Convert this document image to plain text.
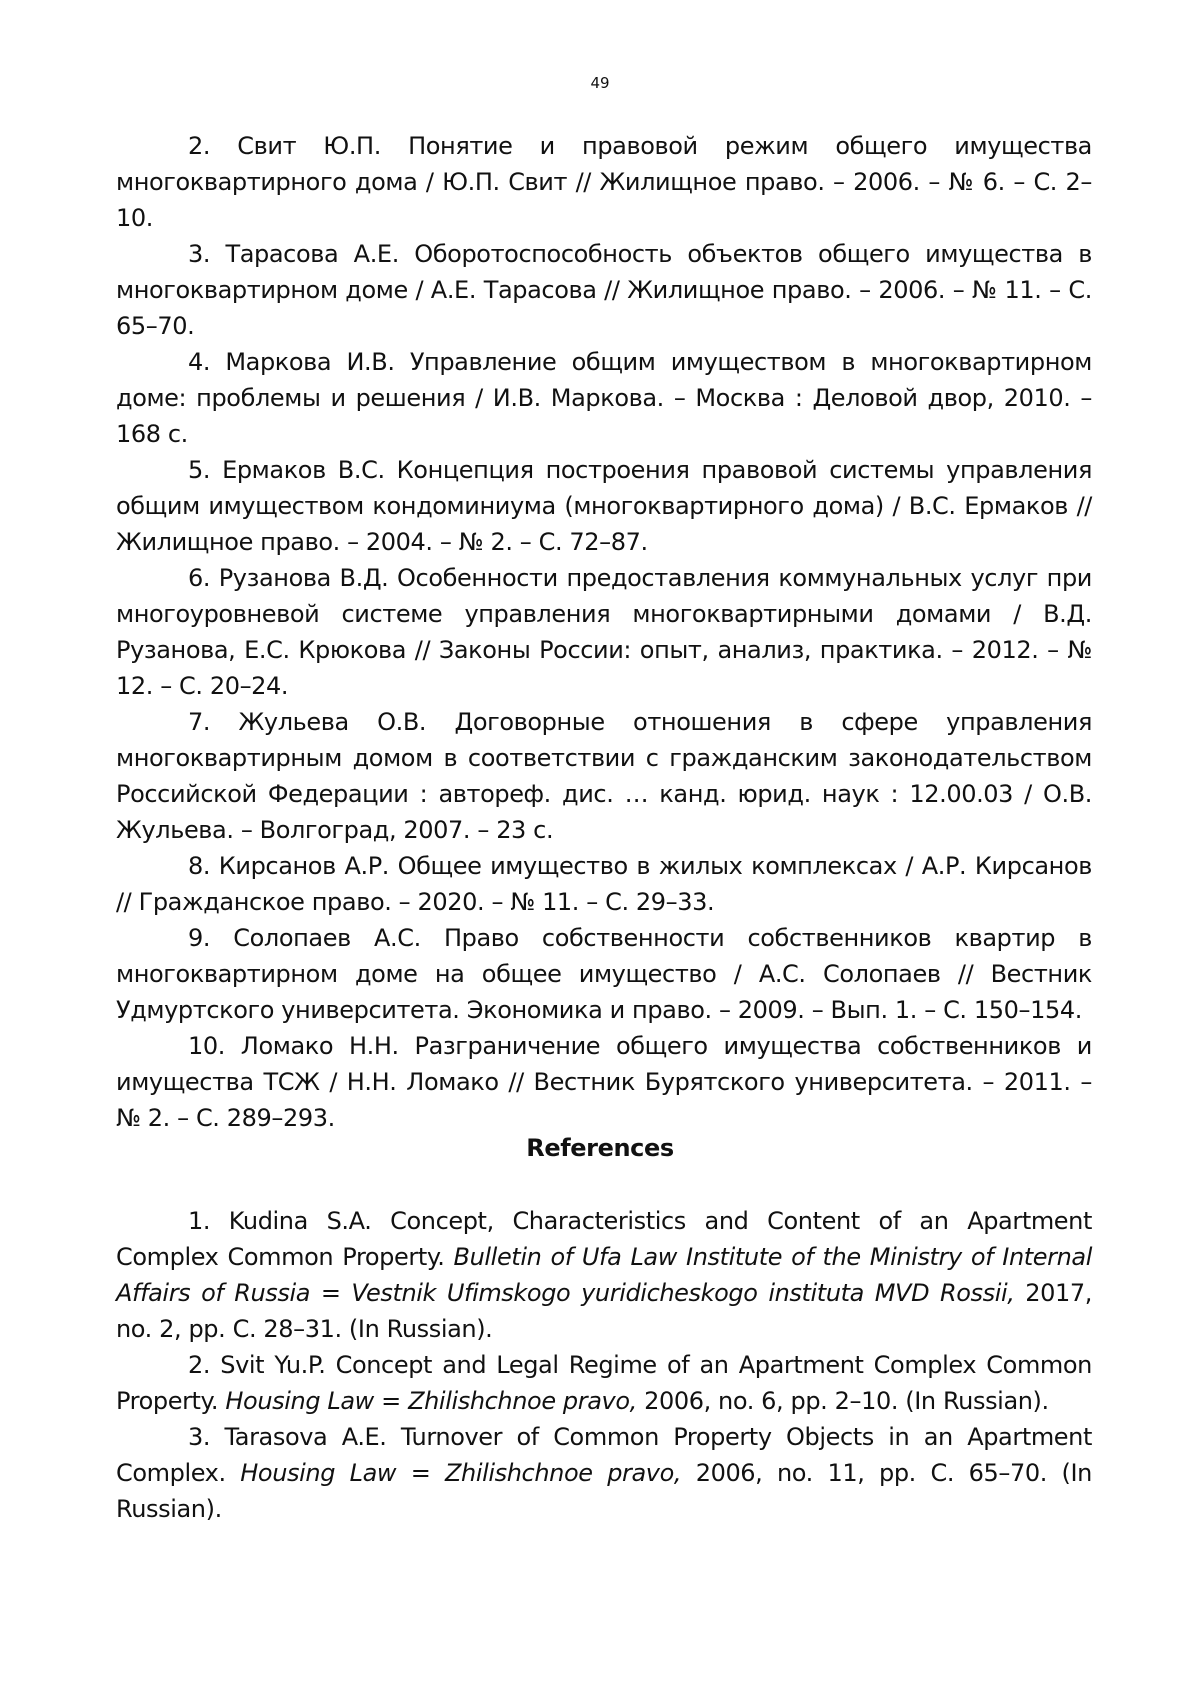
49

2. Свит Ю.П. Понятие и правовой режим общего имущества многоквартирного дома / Ю.П. Свит // Жилищное право. – 2006. – № 6. – С. 2–10.

3. Тарасова А.Е. Оборотоспособность объектов общего имущества в многоквартирном доме / А.Е. Тарасова // Жилищное право. – 2006. – № 11. – С. 65–70.

4. Маркова И.В. Управление общим имуществом в многоквартирном доме: проблемы и решения / И.В. Маркова. – Москва : Деловой двор, 2010. – 168 с.

5. Ермаков В.С. Концепция построения правовой системы управления общим имуществом кондоминиума (многоквартирного дома) / В.С. Ермаков // Жилищное право. – 2004. – № 2. – С. 72–87.

6. Рузанова В.Д. Особенности предоставления коммунальных услуг при многоуровневой системе управления многоквартирными домами / В.Д. Рузанова, Е.С. Крюкова // Законы России: опыт, анализ, практика. – 2012. – № 12. – С. 20–24.

7. Жульева О.В. Договорные отношения в сфере управления многоквартирным домом в соответствии с гражданским законодательством Российской Федерации : автореф. дис. … канд. юрид. наук : 12.00.03 / О.В. Жульева. – Волгоград, 2007. – 23 с.

8. Кирсанов А.Р. Общее имущество в жилых комплексах / А.Р. Кирсанов // Гражданское право. – 2020. – № 11. – С. 29–33.

9. Солопаев А.С. Право собственности собственников квартир в многоквартирном доме на общее имущество / А.С. Солопаев // Вестник Удмуртского университета. Экономика и право. – 2009. – Вып. 1. – С. 150–154.

10. Ломако Н.Н. Разграничение общего имущества собственников и имущества ТСЖ / Н.Н. Ломако // Вестник Бурятского университета. – 2011. – № 2. – С. 289–293.

References

1. Kudina S.A. Concept, Characteristics and Content of an Apartment Complex Common Property. Bulletin of Ufa Law Institute of the Ministry of Internal Affairs of Russia = Vestnik Ufimskogo yuridicheskogo instituta MVD Rossii, 2017, no. 2, pp. C. 28–31. (In Russian).

2. Svit Yu.P. Concept and Legal Regime of an Apartment Complex Common Property. Housing Law = Zhilishchnoe pravo, 2006, no. 6, pp. 2–10. (In Russian).

3. Tarasova A.E. Turnover of Common Property Objects in an Apartment Complex. Housing Law = Zhilishchnoe pravo, 2006, no. 11, pp. C. 65–70. (In Russian).
